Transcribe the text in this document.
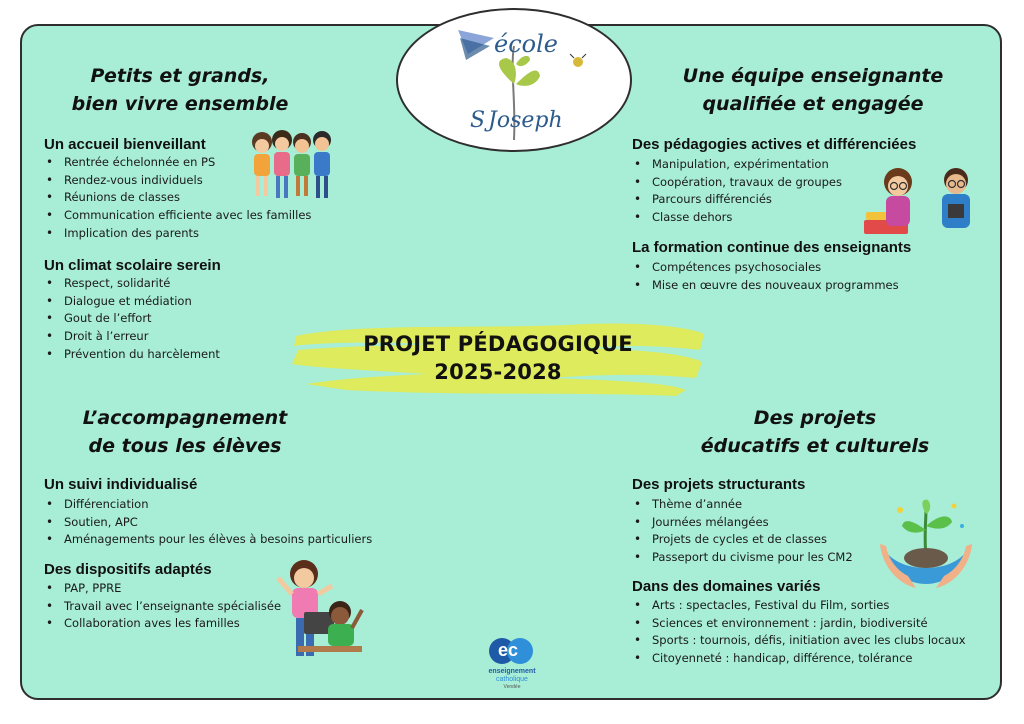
école
S Joseph
Petits et grands,
bien vivre ensemble
Un accueil bienveillant
• Rentrée échelonnée en PS
• Rendez-vous individuels
• Réunions de classes
• Communication efficiente avec les familles
• Implication des parents
Un climat scolaire serein
• Respect, solidarité
• Dialogue et médiation
• Gout de l’effort
• Droit à l’erreur
• Prévention du harcèlement
Une équipe enseignante
qualifiée et engagée
Des pédagogies actives et différenciées
• Manipulation, expérimentation
• Coopération, travaux de groupes
• Parcours différenciés
• Classe dehors
La formation continue des enseignants
• Compétences psychosociales
• Mise en œuvre des nouveaux programmes
PROJET PÉDAGOGIQUE
2025-2028
L’accompagnement
de tous les élèves
Un suivi individualisé
• Différenciation
• Soutien, APC
• Aménagements pour les élèves à besoins particuliers
Des dispositifs adaptés
• PAP, PPRE
• Travail avec l’enseignante spécialisée
• Collaboration aves les familles
Des projets
éducatifs et culturels
Des projets structurants
• Thème d’année
• Journées mélangées
• Projets de cycles et de classes
• Passeport du civisme pour les CM2
Dans des domaines variés
• Arts : spectacles, Festival du Film, sorties
• Sciences et environnement : jardin, biodiversité
• Sports : tournois, défis, initiation avec les clubs locaux
• Citoyenneté : handicap, différence, tolérance
ec
enseignement
catholique
Vendée
